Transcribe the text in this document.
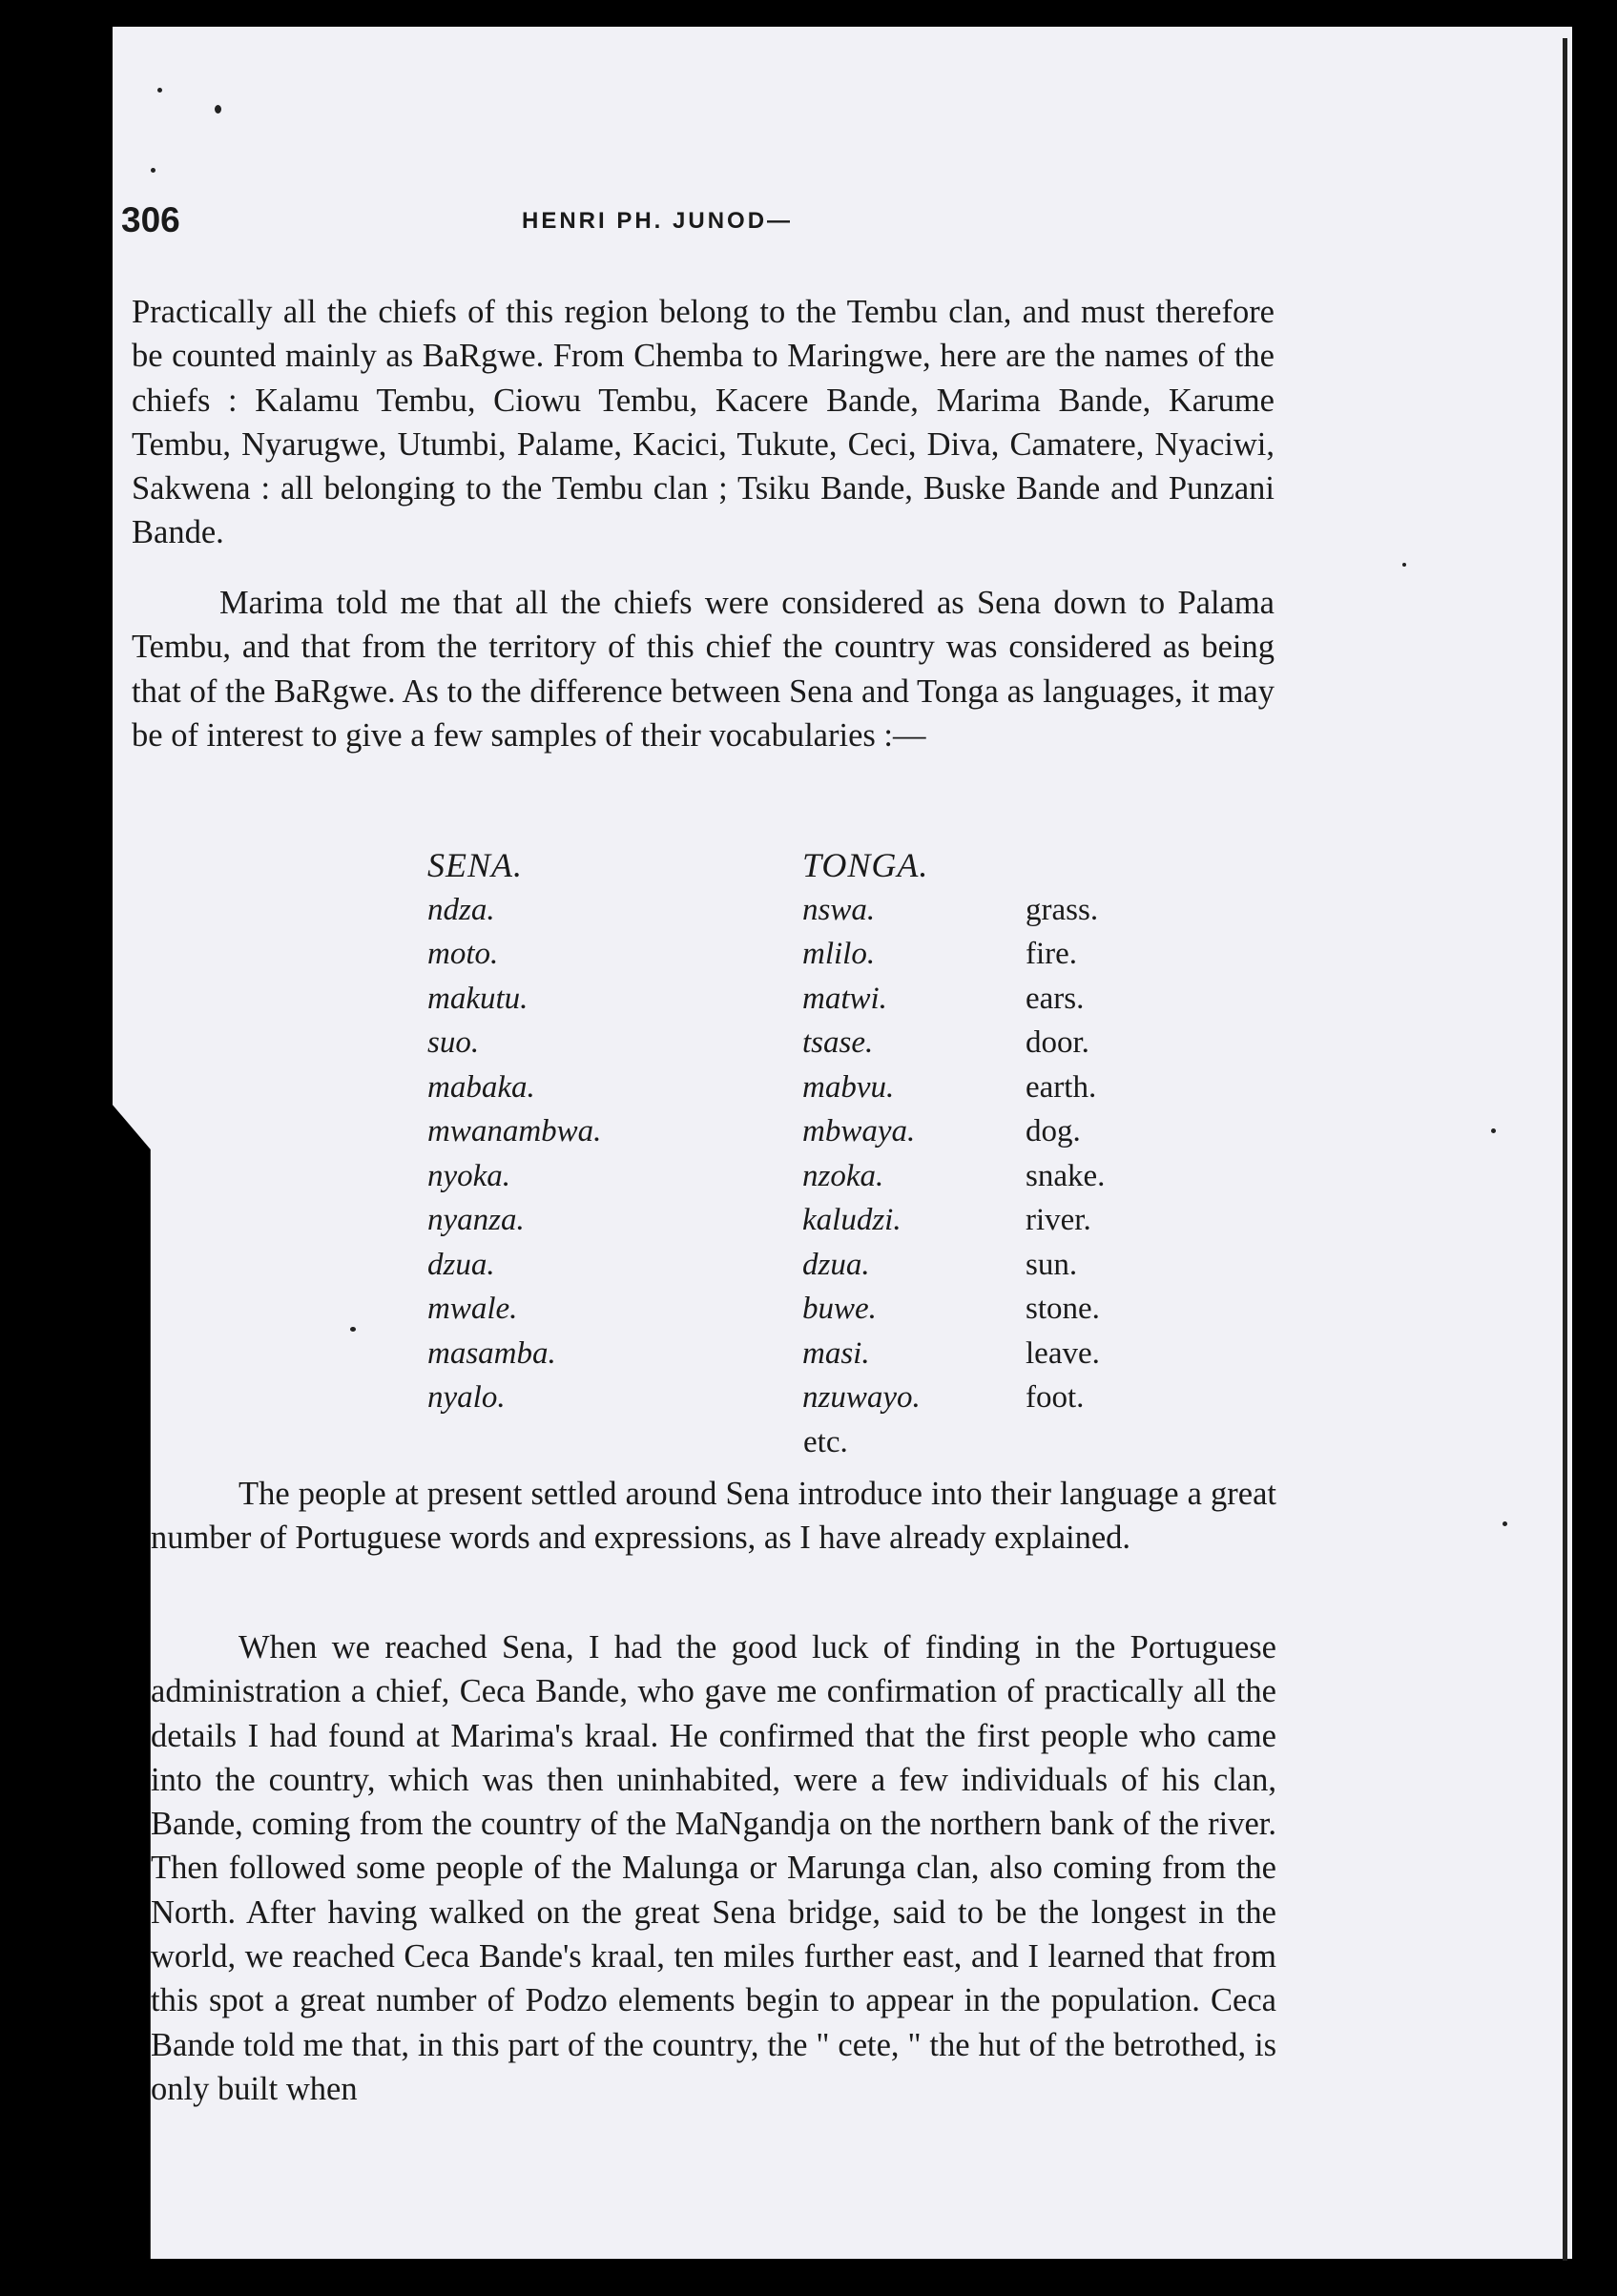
306	HENRI PH. JUNOD—

Practically all the chiefs of this region belong to the Tembu clan, and must therefore be counted mainly as BaRgwe. From Chemba to Maringwe, here are the names of the chiefs : Kalamu Tembu, Ciowu Tembu, Kacere Bande, Marima Bande, Karume Tembu, Nyarugwe, Utumbi, Palame, Kacici, Tukute, Ceci, Diva, Camatere, Nyaciwi, Sakwena : all belonging to the Tembu clan ; Tsiku Bande, Buske Bande and Punzani Bande.

Marima told me that all the chiefs were considered as Sena down to Palama Tembu, and that from the territory of this chief the country was considered as being that of the BaRgwe. As to the difference between Sena and Tonga as languages, it may be of interest to give a few samples of their vocabularies :—

SENA.	TONGA.
ndza.	nswa.	grass.
moto.	mlilo.	fire.
makutu.	matwi.	ears.
suo.	tsase.	door.
mabaka.	mabvu.	earth.
mwanambwa.	mbwaya.	dog.
nyoka.	nzoka.	snake.
nyanza.	kaludzi.	river.
dzua.	dzua.	sun.
mwale.	buwe.	stone.
masamba.	masi.	leave.
nyalo.	nzuwayo.	foot.
etc.

The people at present settled around Sena introduce into their language a great number of Portuguese words and expressions, as I have already explained.

When we reached Sena, I had the good luck of finding in the Portuguese administration a chief, Ceca Bande, who gave me confirmation of practically all the details I had found at Marima's kraal. He confirmed that the first people who came into the country, which was then uninhabited, were a few individuals of his clan, Bande, coming from the country of the MaNgandja on the northern bank of the river. Then followed some people of the Malunga or Marunga clan, also coming from the North. After having walked on the great Sena bridge, said to be the longest in the world, we reached Ceca Bande's kraal, ten miles further east, and I learned that from this spot a great number of Podzo elements begin to appear in the population. Ceca Bande told me that, in this part of the country, the " cete, " the hut of the betrothed, is only built when
